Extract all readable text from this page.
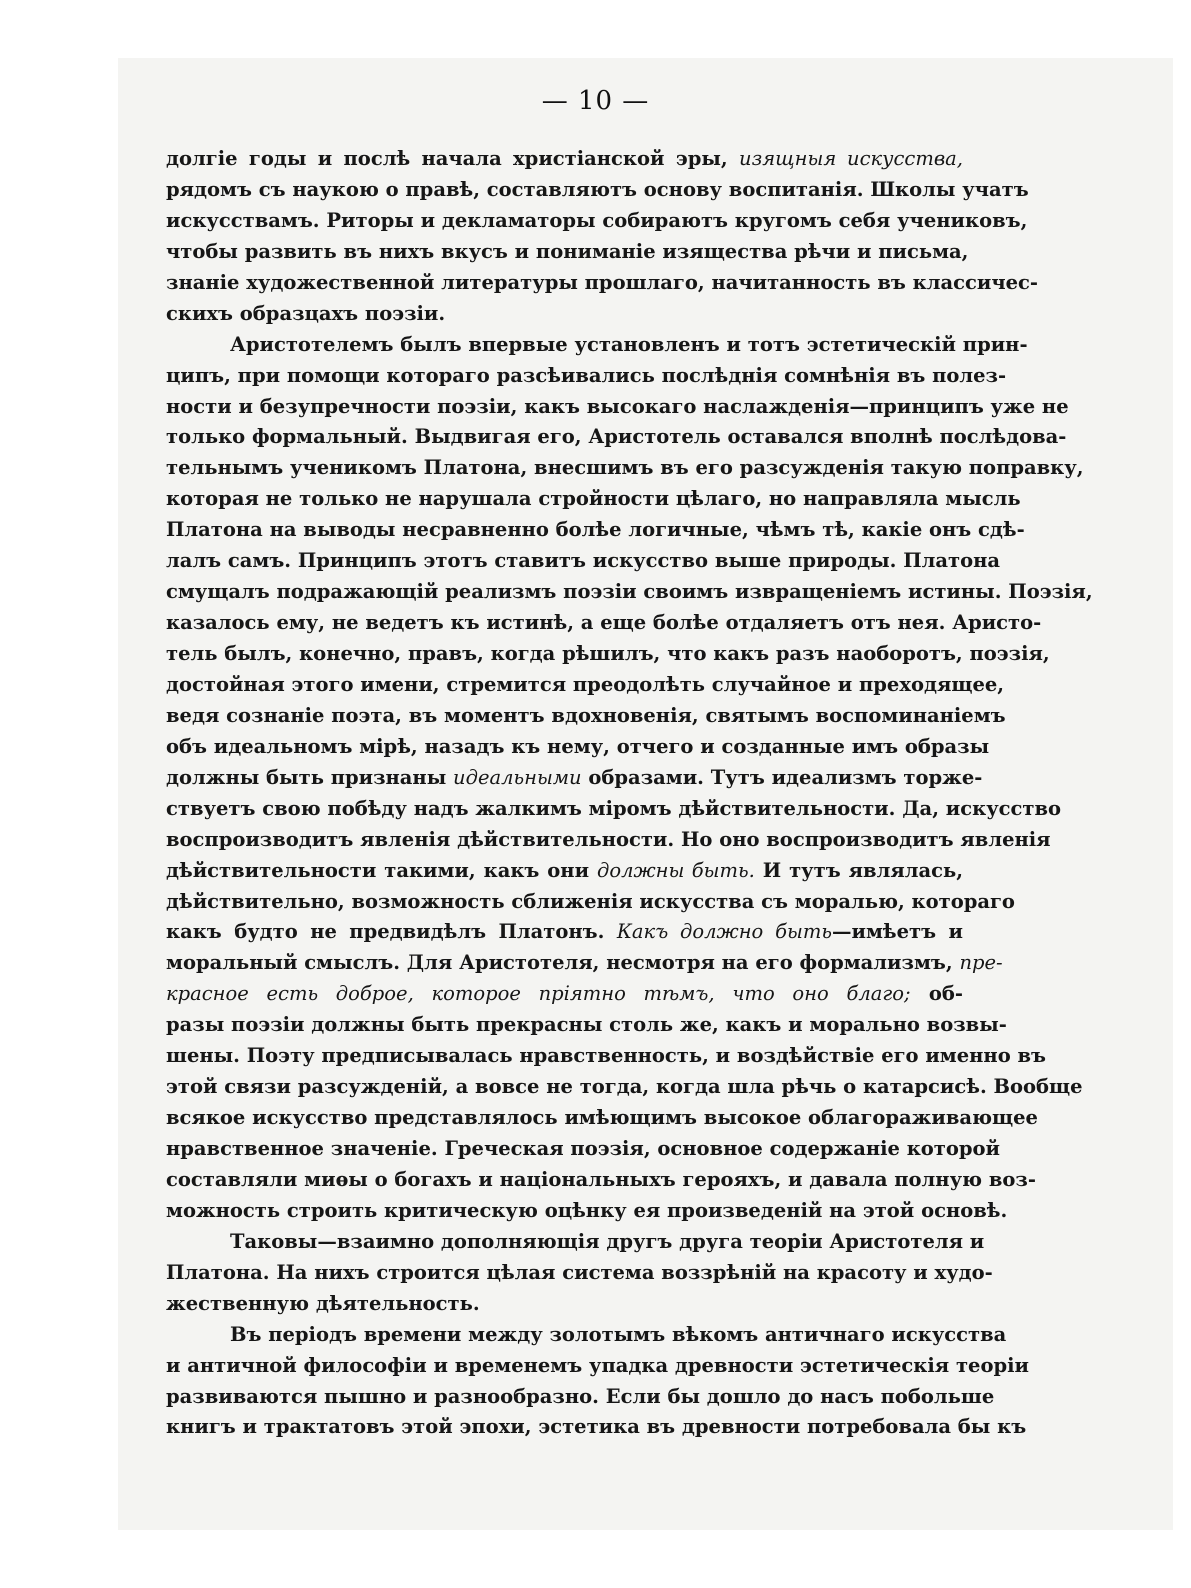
— 10 —
долгіе годы и послѣ начала христіанской эры, изящныя искусства,
рядомъ съ наукою о правѣ, составляютъ основу воспитанія. Школы учатъ
искусствамъ. Риторы и декламаторы собираютъ кругомъ себя учениковъ,
чтобы развить въ нихъ вкусъ и пониманіе изящества рѣчи и письма,
знаніе художественной литературы прошлаго, начитанность въ классичес-
скихъ образцахъ поэзіи.
Аристотелемъ былъ впервые установленъ и тотъ эстетическій прин-
ципъ, при помощи котораго разсѣивались послѣднія сомнѣнія въ полез-
ности и безупречности поэзіи, какъ высокаго наслажденія—принципъ уже не
только формальный. Выдвигая его, Аристотель оставался вполнѣ послѣдова-
тельнымъ ученикомъ Платона, внесшимъ въ его разсужденія такую поправку,
которая не только не нарушала стройности цѣлаго, но направляла мысль
Платона на выводы несравненно болѣе логичные, чѣмъ тѣ, какіе онъ сдѣ-
лалъ самъ. Принципъ этотъ ставитъ искусство выше природы. Платона
смущалъ подражающій реализмъ поэзіи своимъ извращеніемъ истины. Поэзія,
казалось ему, не ведетъ къ истинѣ, а еще болѣе отдаляетъ отъ нея. Аристо-
тель былъ, конечно, правъ, когда рѣшилъ, что какъ разъ наоборотъ, поэзія,
достойная этого имени, стремится преодолѣть случайное и преходящее,
ведя сознаніе поэта, въ моментъ вдохновенія, святымъ воспоминаніемъ
объ идеальномъ мірѣ, назадъ къ нему, отчего и созданные имъ образы
должны быть признаны идеальными образами. Тутъ идеализмъ торже-
ствуетъ свою побѣду надъ жалкимъ міромъ дѣйствительности. Да, искусство
воспроизводитъ явленія дѣйствительности. Но оно воспроизводитъ явленія
дѣйствительности такими, какъ они должны быть. И тутъ являлась,
дѣйствительно, возможность сближенія искусства съ моралью, котораго
какъ будто не предвидѣлъ Платонъ. Какъ должно быть—имѣетъ и
моральный смыслъ. Для Аристотеля, несмотря на его формализмъ, пре-
красное есть доброе, которое пріятно тѣмъ, что оно благо; об-
разы поэзіи должны быть прекрасны столь же, какъ и морально возвы-
шены. Поэту предписывалась нравственность, и воздѣйствіе его именно въ
этой связи разсужденій, а вовсе не тогда, когда шла рѣчь о катарсисѣ. Вообще
всякое искусство представлялось имѣющимъ высокое облагораживающее
нравственное значеніе. Греческая поэзія, основное содержаніе которой
составляли миѳы о богахъ и національныхъ герояхъ, и давала полную воз-
можность строить критическую оцѣнку ея произведеній на этой основѣ.
Таковы—взаимно дополняющія другъ друга теоріи Аристотеля и
Платона. На нихъ строится цѣлая система воззрѣній на красоту и худо-
жественную дѣятельность.
Въ періодъ времени между золотымъ вѣкомъ античнаго искусства
и античной философіи и временемъ упадка древности эстетическія теоріи
развиваются пышно и разнообразно. Если бы дошло до насъ побольше
книгъ и трактатовъ этой эпохи, эстетика въ древности потребовала бы къ
